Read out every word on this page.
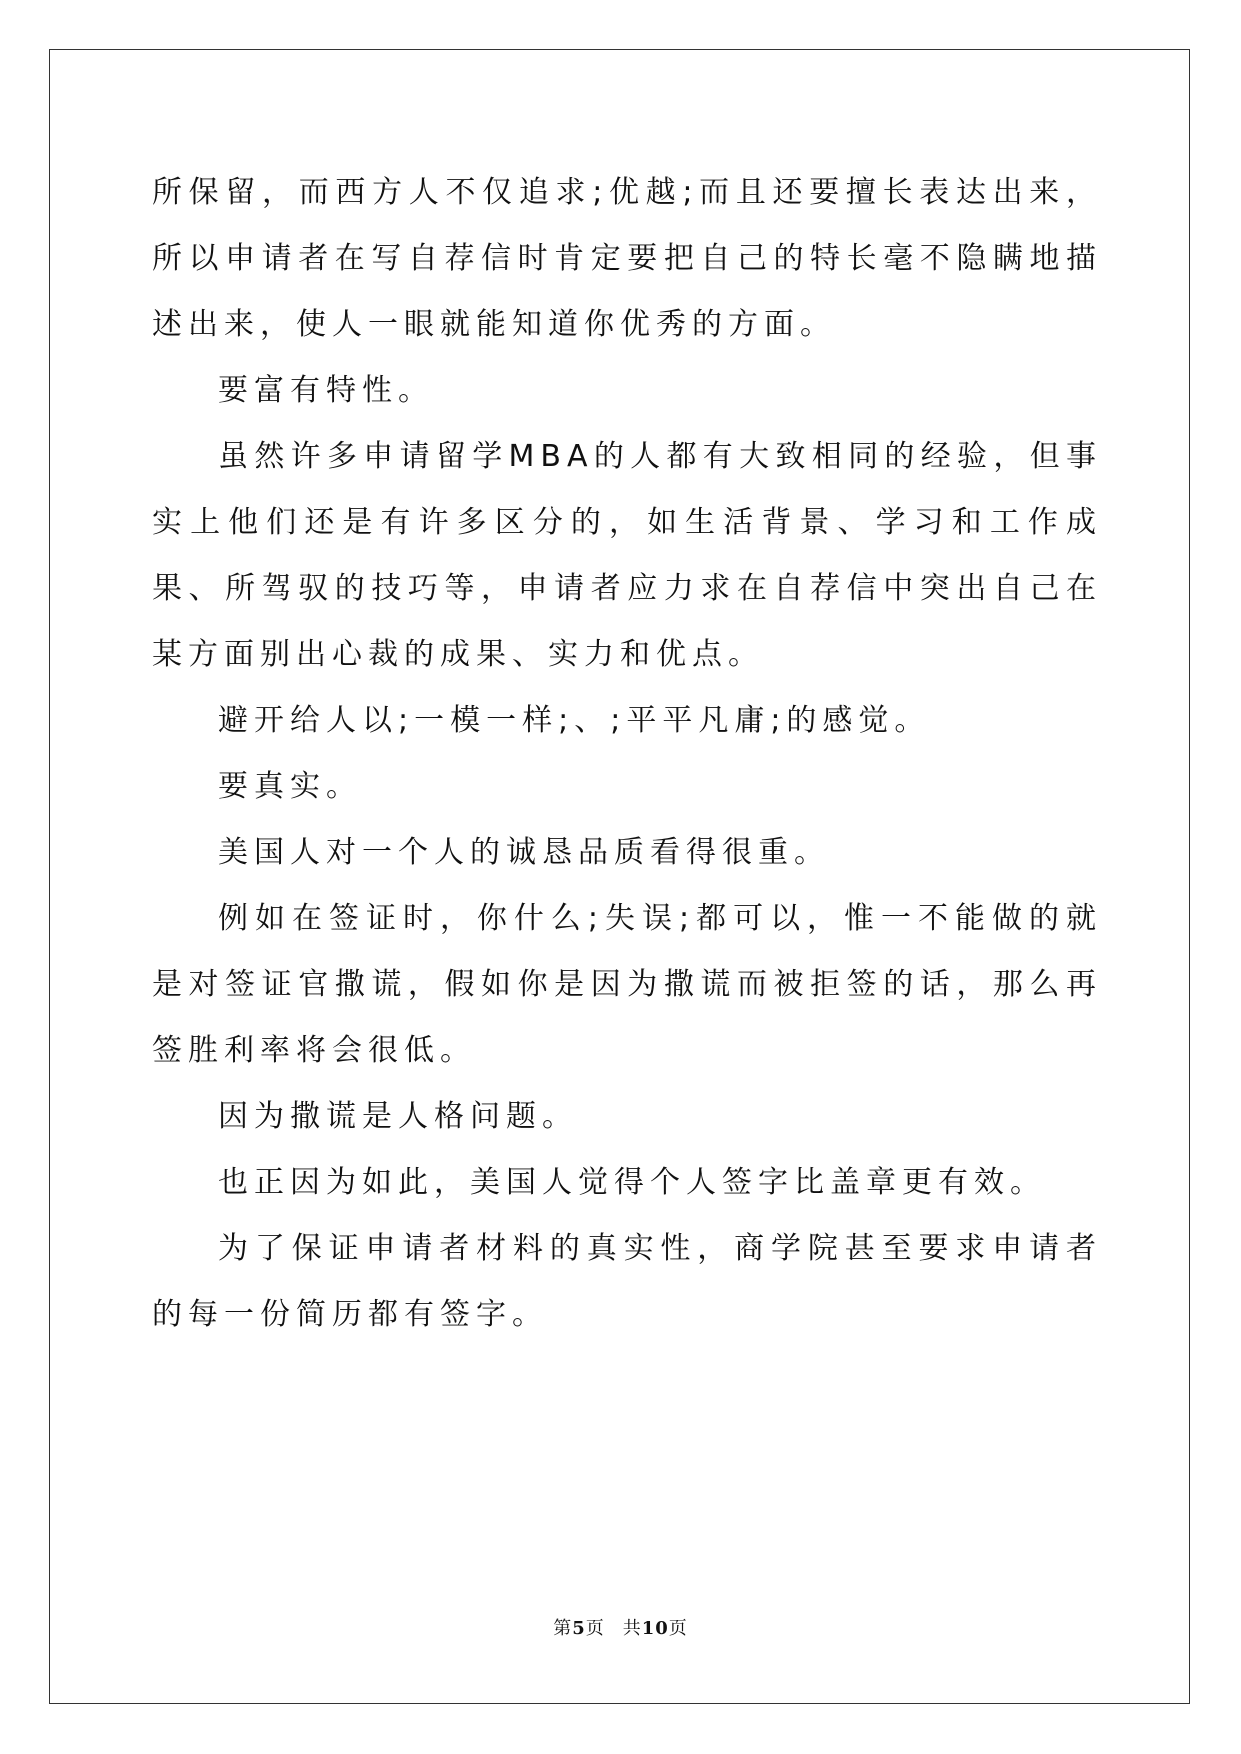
所保留，而西方人不仅追求;优越;而且还要擅长表达出来，所以申请者在写自荐信时肯定要把自己的特长毫不隐瞒地描述出来，使人一眼就能知道你优秀的方面。

要富有特性。

虽然许多申请留学MBA的人都有大致相同的经验，但事实上他们还是有许多区分的，如生活背景、学习和工作成果、所驾驭的技巧等，申请者应力求在自荐信中突出自己在某方面别出心裁的成果、实力和优点。

避开给人以;一模一样;、;平平凡庸;的感觉。

要真实。

美国人对一个人的诚恳品质看得很重。

例如在签证时，你什么;失误;都可以，惟一不能做的就是对签证官撒谎，假如你是因为撒谎而被拒签的话，那么再签胜利率将会很低。

因为撒谎是人格问题。

也正因为如此，美国人觉得个人签字比盖章更有效。

为了保证申请者材料的真实性，商学院甚至要求申请者的每一份简历都有签字。

第5页 共10页
